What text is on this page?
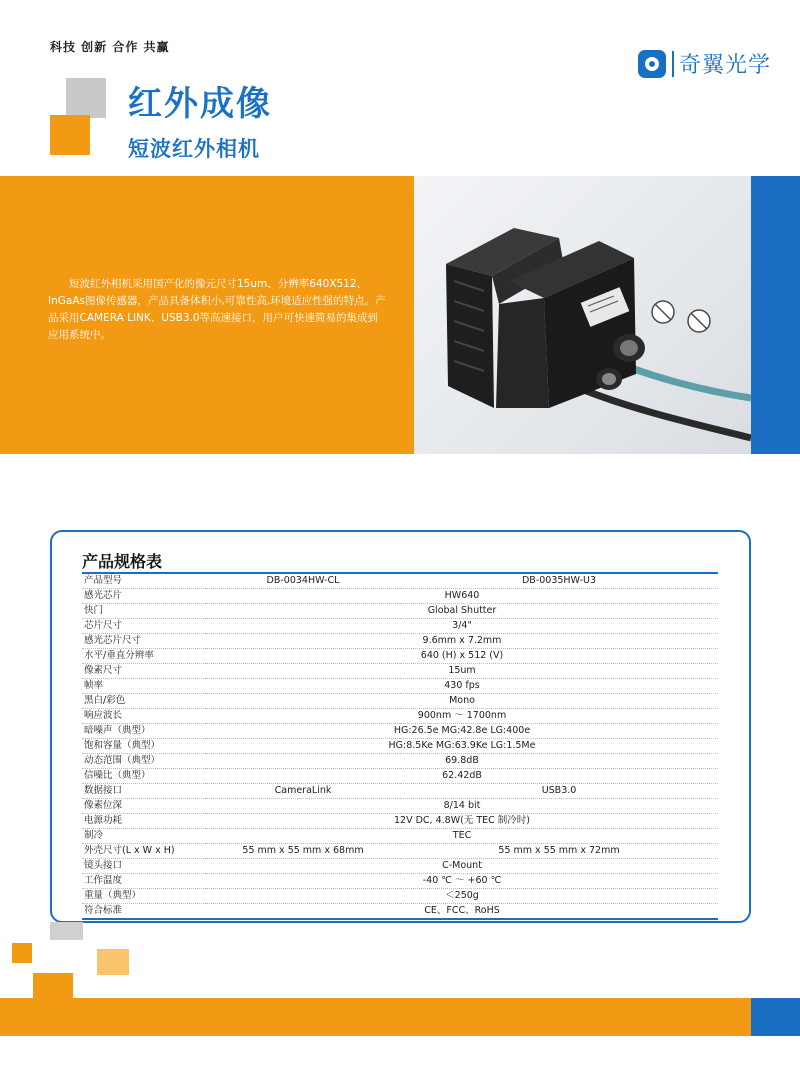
科技 创新 合作 共赢
奇翼光学
红外成像
短波红外相机
短波红外相机采用国产化的像元尺寸15um、分辨率640X512、InGaAs图像传感器，产品具备体积小,可靠性高,环境适应性强的特点。产品采用CAMERA LINK、USB3.0等高速接口，用户可快速简易的集成到应用系统中。
产品规格表
产品型号	DB-0034HW-CL	DB-0035HW-U3
感光芯片	HW640	
快门	Global Shutter	
芯片尺寸	3/4"	
感光芯片尺寸	9.6mm x 7.2mm	
水平/垂直分辨率	640 (H) x 512 (V)	
像素尺寸	15um	
帧率	430 fps	
黑白/彩色	Mono	
响应波长	900nm ～ 1700nm	
暗噪声（典型）	HG:26.5e MG:42.8e LG:400e	
饱和容量（典型）	HG:8.5Ke MG:63.9Ke LG:1.5Me	
动态范围（典型）	69.8dB	
信噪比（典型）	62.42dB	
数据接口	CameraLink	USB3.0
像素位深	8/14 bit	
电源功耗	12V DC, 4.8W(无 TEC 制冷时)	
制冷	TEC	
外壳尺寸(L x W x H)	55 mm x 55 mm x 68mm	55 mm x 55 mm x 72mm
镜头接口	C-Mount	
工作温度	-40 ℃ ～ +60 ℃	
重量（典型）	＜250g	
符合标准	CE、FCC、RoHS	
